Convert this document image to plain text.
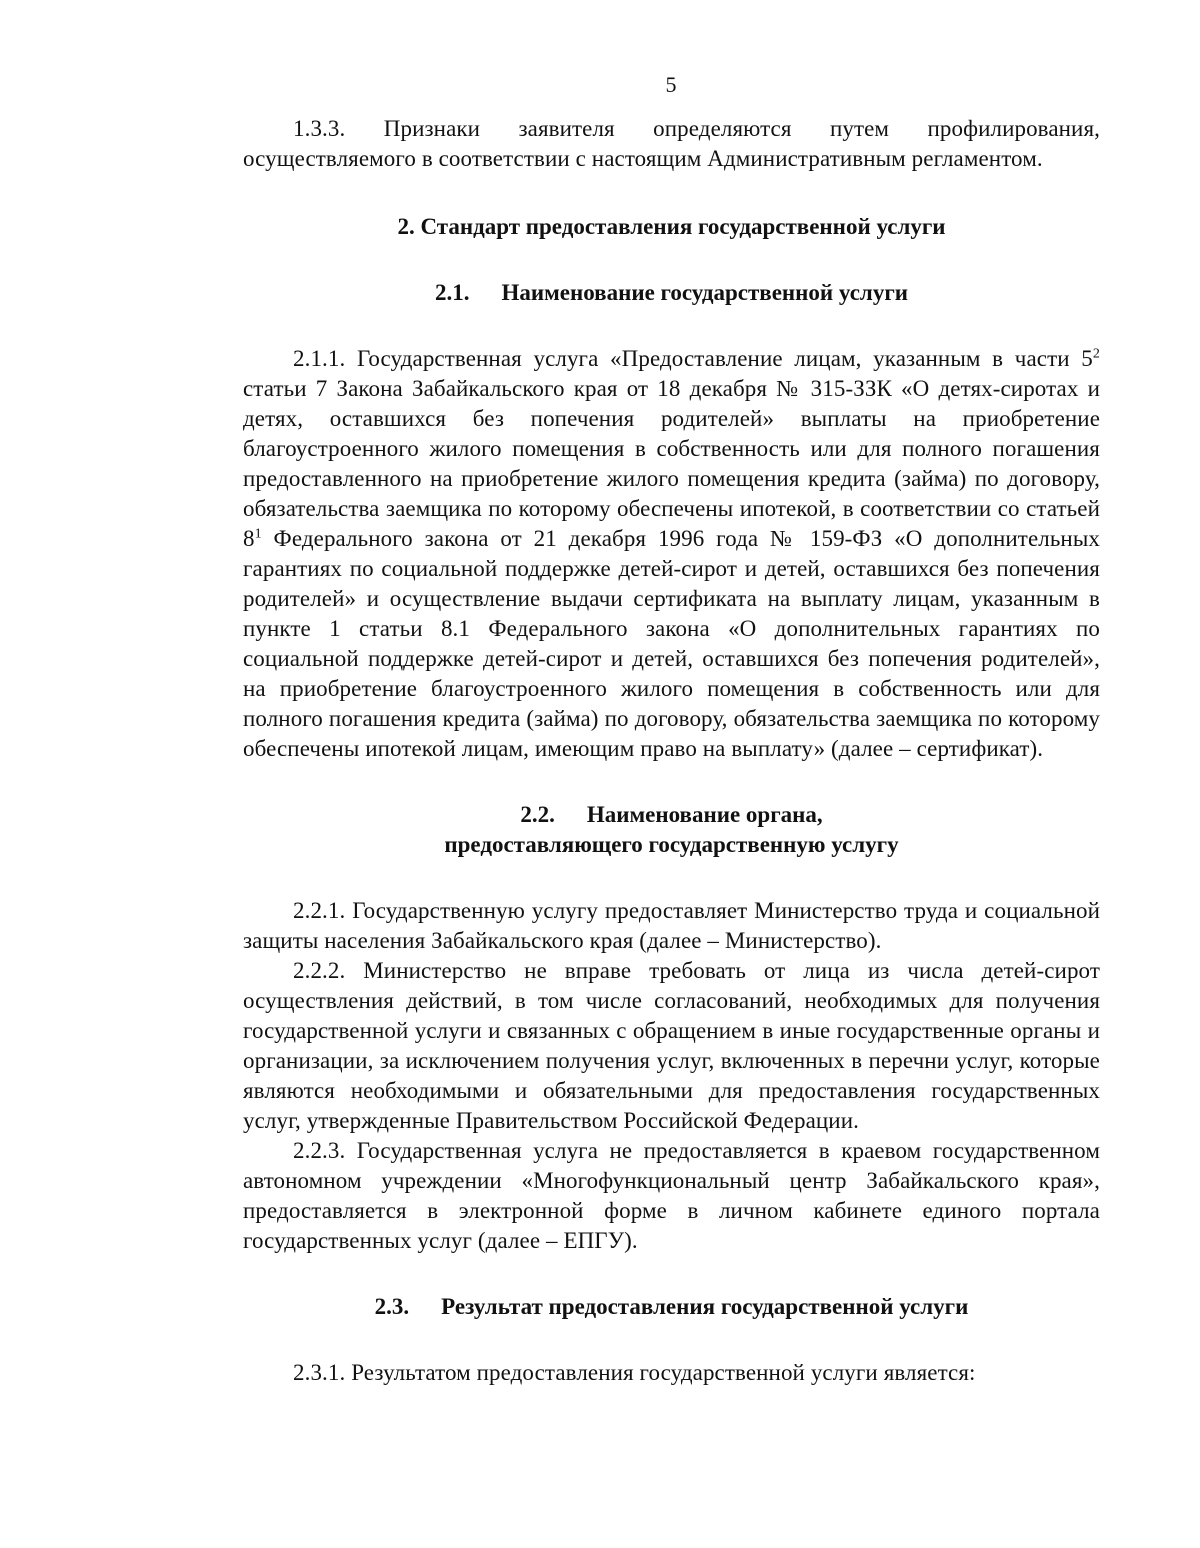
5

1.3.3. Признаки заявителя определяются путем профилирования, осуществляемого в соответствии с настоящим Административным регламентом.

2. Стандарт предоставления государственной услуги
2.1. Наименование государственной услуги

2.1.1. Государственная услуга «Предоставление лицам, указанным в части $5^2$ статьи 7 Закона Забайкальского края от 18 декабря № 315-ЗЗК «О детях-сиротах и детях, оставшихся без попечения родителей» выплаты на приобретение благоустроенного жилого помещения в собственность или для полного погашения предоставленного на приобретение жилого помещения кредита (займа) по договору, обязательства заемщика по которому обеспечены ипотекой, в соответствии со статьей $8^1$ Федерального закона от 21 декабря 1996 года № 159-ФЗ «О дополнительных гарантиях по социальной поддержке детей-сирот и детей, оставшихся без попечения родителей» и осуществление выдачи сертификата на выплату лицам, указанным в пункте 1 статьи 8.1 Федерального закона «О дополнительных гарантиях по социальной поддержке детей-сирот и детей, оставшихся без попечения родителей», на приобретение благоустроенного жилого помещения в собственность или для полного погашения кредита (займа) по договору, обязательства заемщика по которому обеспечены ипотекой лицам, имеющим право на выплату» (далее – сертификат).

2.2. Наименование органа,
предоставляющего государственную услугу

2.2.1. Государственную услугу предоставляет Министерство труда и социальной защиты населения Забайкальского края (далее – Министерство).

2.2.2. Министерство не вправе требовать от лица из числа детей-сирот осуществления действий, в том числе согласований, необходимых для получения государственной услуги и связанных с обращением в иные государственные органы и организации, за исключением получения услуг, включенных в перечни услуг, которые являются необходимыми и обязательными для предоставления государственных услуг, утвержденные Правительством Российской Федерации.

2.2.3. Государственная услуга не предоставляется в краевом государственном автономном учреждении «Многофункциональный центр Забайкальского края», предоставляется в электронной форме в личном кабинете единого портала государственных услуг (далее – ЕПГУ).

2.3. Результат предоставления государственной услуги

2.3.1. Результатом предоставления государственной услуги является:
